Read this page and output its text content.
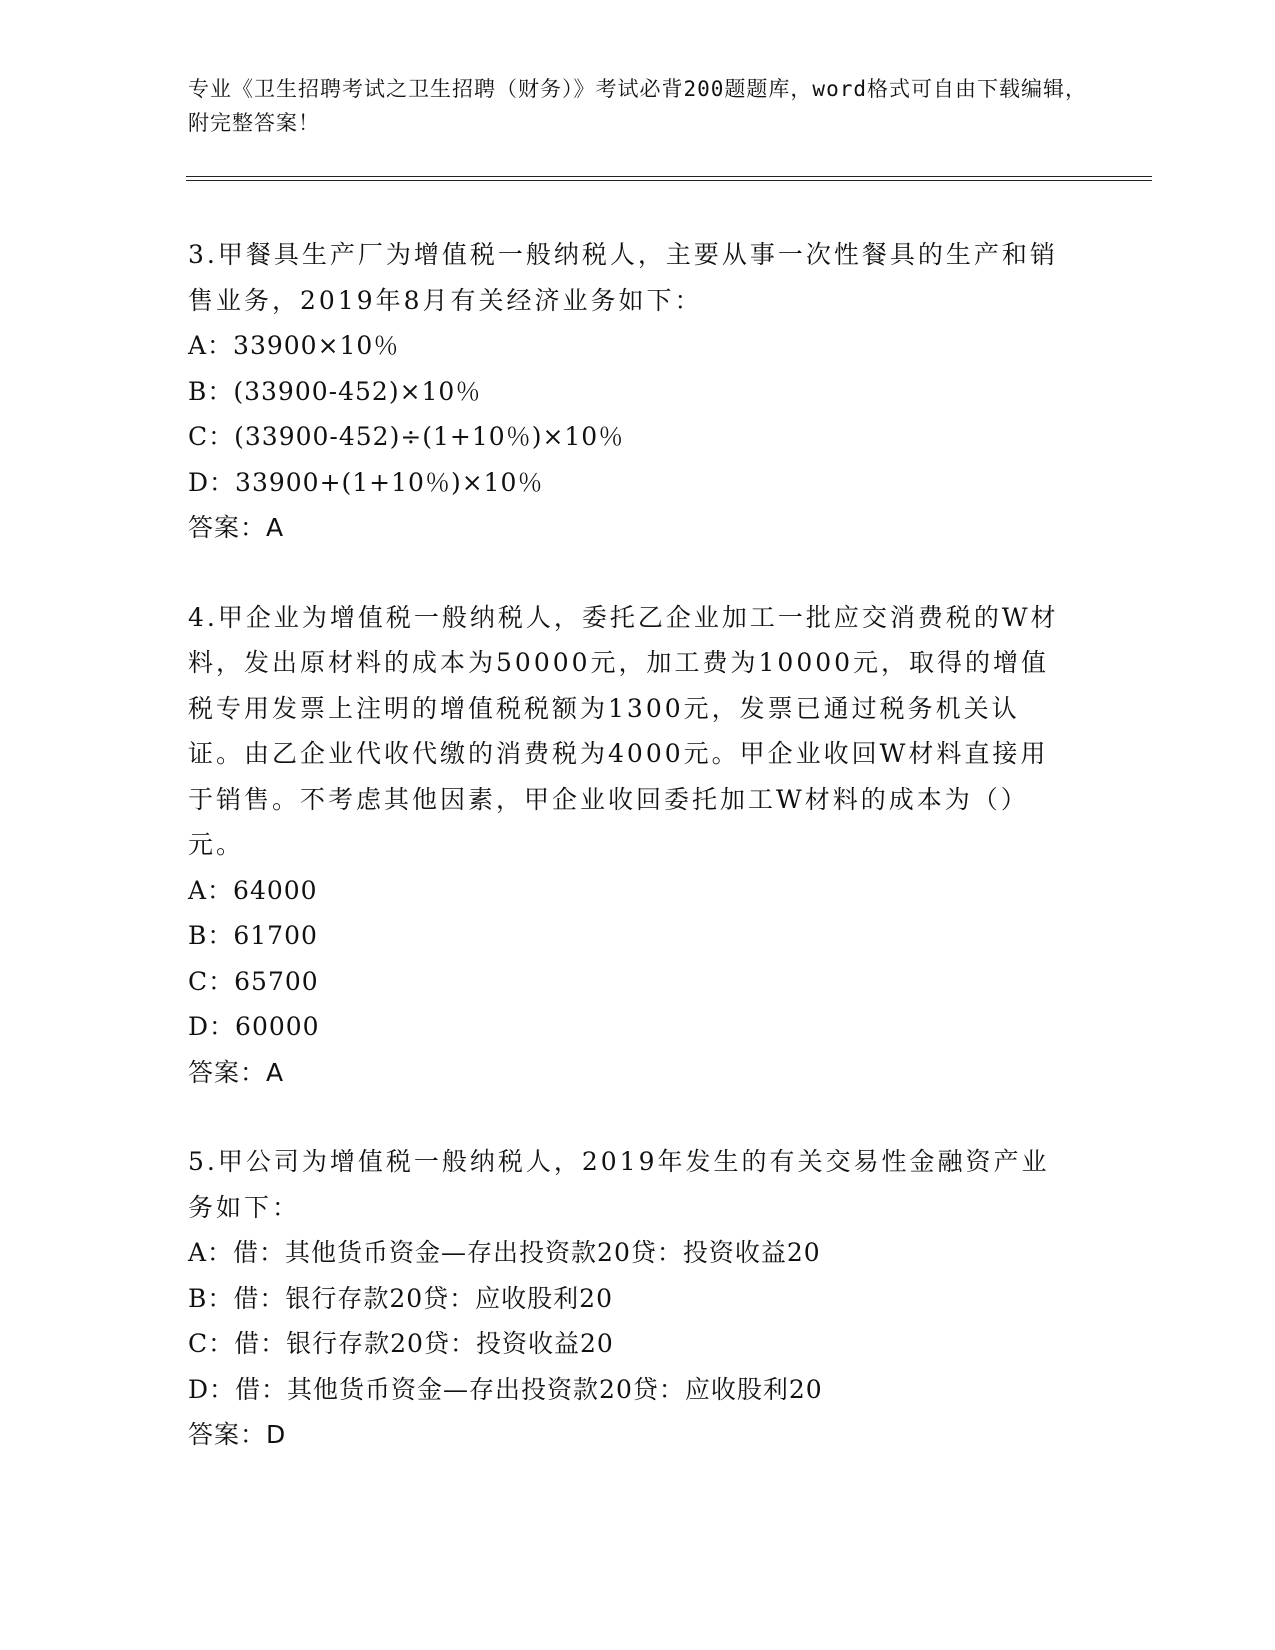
专业《卫生招聘考试之卫生招聘（财务）》考试必背200题题库，word格式可自由下载编辑，附完整答案！

3.甲餐具生产厂为增值税一般纳税人，主要从事一次性餐具的生产和销售业务，2019年8月有关经济业务如下：

A：33900×10％

B：(33900-452)×10％

C：(33900-452)÷(1+10％)×10％

D：33900+(1+10％)×10％

答案：A

4.甲企业为增值税一般纳税人，委托乙企业加工一批应交消费税的W材料，发出原材料的成本为50000元，加工费为10000元，取得的增值税专用发票上注明的增值税税额为1300元，发票已通过税务机关认证。由乙企业代收代缴的消费税为4000元。甲企业收回W材料直接用于销售。不考虑其他因素，甲企业收回委托加工W材料的成本为（）元。

A：64000

B：61700

C：65700

D：60000

答案：A

5.甲公司为增值税一般纳税人，2019年发生的有关交易性金融资产业务如下：

A：借：其他货币资金—存出投资款20贷：投资收益20

B：借：银行存款20贷：应收股利20

C：借：银行存款20贷：投资收益20

D：借：其他货币资金—存出投资款20贷：应收股利20

答案：D
